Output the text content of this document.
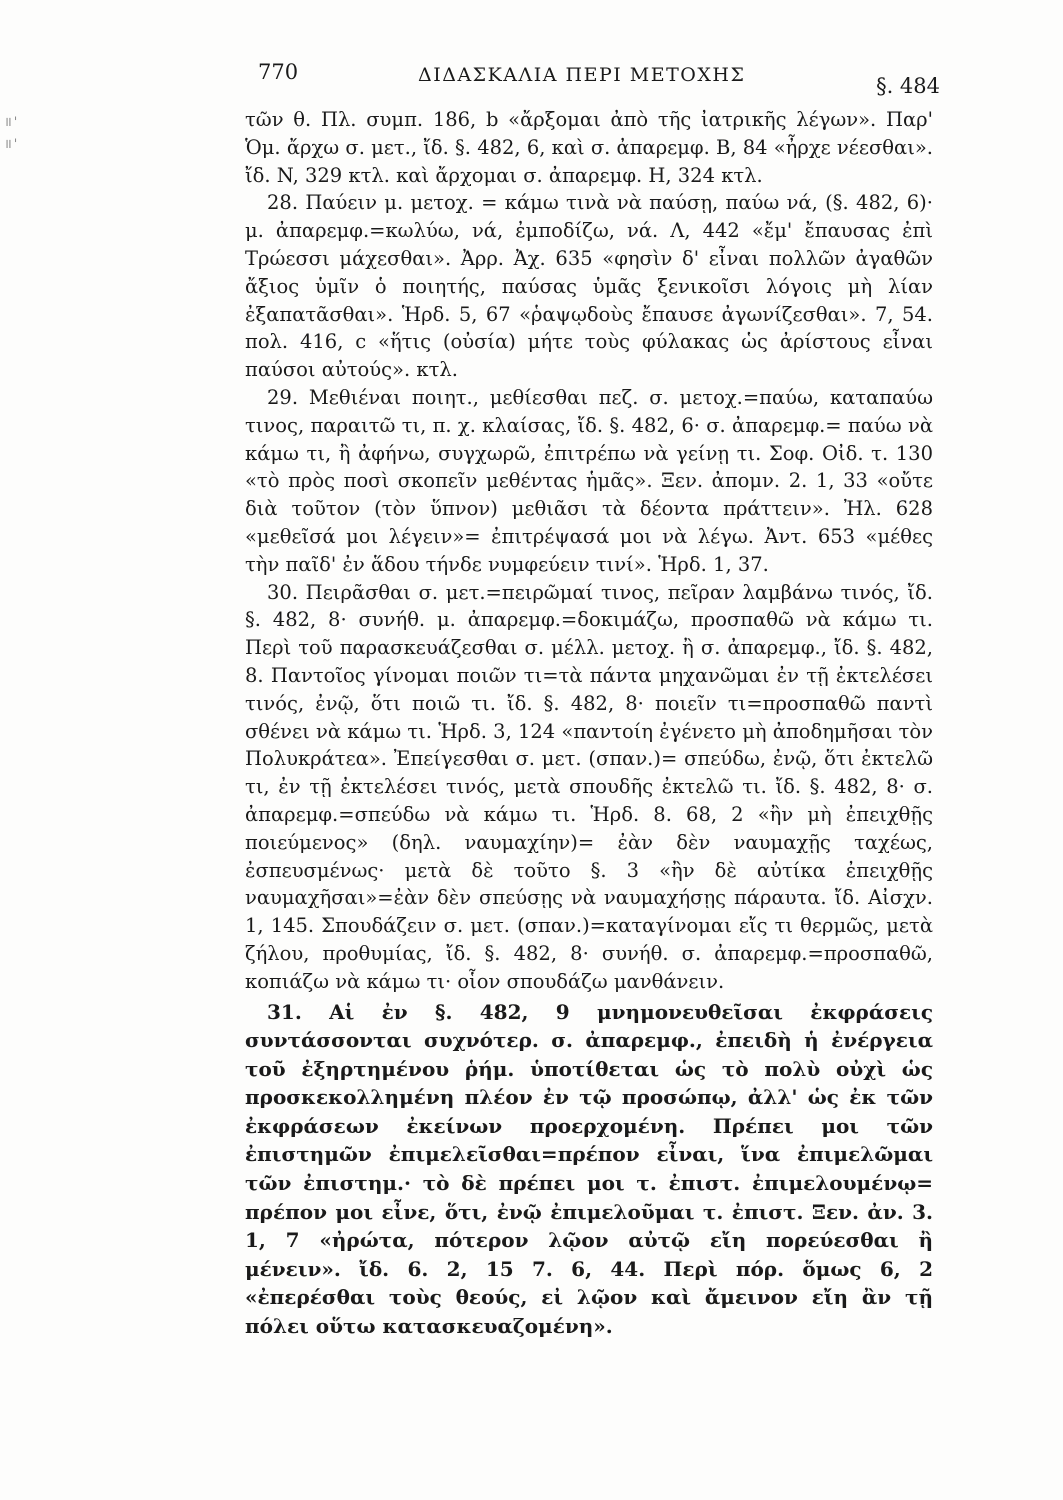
॥'
॥'
770	ΔΙΔΑΣΚΑΛΙΑ ΠΕΡΙ ΜΕΤΟΧΗΣ	§. 484

τῶν θ. Πλ. συμπ. 186, b «ἄρξομαι ἀπὸ τῆς ἰατρικῆς λέγων». Παρ' Ὁμ. ἄρχω σ. μετ., ἴδ. §. 482, 6, καὶ σ. ἀπαρεμφ. B, 84 «ἦρχε νέεσθαι». ἴδ. N, 329 κτλ. καὶ ἄρχομαι σ. ἀπαρεμφ. H, 324 κτλ.

28. Παύειν μ. μετοχ. = κάμω τινὰ νὰ παύσῃ, παύω νά, (§. 482, 6)· μ. ἀπαρεμφ.=κωλύω, νά, ἐμποδίζω, νά. Λ, 442 «ἔμ' ἔπαυσας ἐπὶ Τρώεσσι μάχεσθαι». Ἀρρ. Ἀχ. 635 «φησὶν δ' εἶναι πολλῶν ἀγαθῶν ἄξιος ὑμῖν ὁ ποιητής, παύσας ὑμᾶς ξενικοῖσι λόγοις μὴ λίαν ἐξαπατᾶσθαι». Ἡρδ. 5, 67 «ῥαψῳδοὺς ἔπαυσε ἀγωνίζεσθαι». 7, 54. πολ. 416, c «ἥτις (οὐσία) μήτε τοὺς φύλακας ὡς ἀρίστους εἶναι παύσοι αὐτούς». κτλ.

29. Μεθιέναι ποιητ., μεθίεσθαι πεζ. σ. μετοχ.=παύω, καταπαύω τινος, παραιτῶ τι, π. χ. κλαίσας, ἴδ. §. 482, 6· σ. ἀπαρεμφ.= παύω νὰ κάμω τι, ἢ ἀφήνω, συγχωρῶ, ἐπιτρέπω νὰ γείνῃ τι. Σοφ. Οἰδ. τ. 130 «τὸ πρὸς ποσὶ σκοπεῖν μεθέντας ἡμᾶς». Ξεν. ἀπομν. 2. 1, 33 «οὔτε διὰ τοῦτον (τὸν ὕπνον) μεθιᾶσι τὰ δέοντα πράττειν». Ἠλ. 628 «μεθεῖσά μοι λέγειν»= ἐπιτρέψασά μοι νὰ λέγω. Ἀντ. 653 «μέθες τὴν παῖδ' ἐν ἅδου τήνδε νυμφεύειν τινί». Ἡρδ. 1, 37.

30. Πειρᾶσθαι σ. μετ.=πειρῶμαί τινος, πεῖραν λαμβάνω τινός, ἴδ. §. 482, 8· συνήθ. μ. ἀπαρεμφ.=δοκιμάζω, προσπαθῶ νὰ κάμω τι. Περὶ τοῦ παρασκευάζεσθαι σ. μέλλ. μετοχ. ἢ σ. ἀπαρεμφ., ἴδ. §. 482, 8. Παντοῖος γίνομαι ποιῶν τι=τὰ πάντα μηχανῶμαι ἐν τῇ ἐκτελέσει τινός, ἐνῷ, ὅτι ποιῶ τι. ἴδ. §. 482, 8· ποιεῖν τι=προσπαθῶ παντὶ σθένει νὰ κάμω τι. Ἡρδ. 3, 124 «παντοίη ἐγένετο μὴ ἀποδημῆσαι τὸν Πολυκράτεα». Ἐπείγεσθαι σ. μετ. (σπαν.)= σπεύδω, ἐνῷ, ὅτι ἐκτελῶ τι, ἐν τῇ ἐκτελέσει τινός, μετὰ σπουδῆς ἐκτελῶ τι. ἴδ. §. 482, 8· σ. ἀπαρεμφ.=σπεύδω νὰ κάμω τι. Ἡρδ. 8. 68, 2 «ἢν μὴ ἐπειχθῇς ποιεύμενος» (δηλ. ναυμαχίην)= ἐὰν δὲν ναυμαχῇς ταχέως, ἐσπευσμένως· μετὰ δὲ τοῦτο §. 3 «ἢν δὲ αὐτίκα ἐπειχθῇς ναυμαχῆσαι»=ἐὰν δὲν σπεύσῃς νὰ ναυμαχήσῃς πάραυτα. ἴδ. Αἰσχν. 1, 145. Σπουδάζειν σ. μετ. (σπαν.)=καταγίνομαι εἴς τι θερμῶς, μετὰ ζήλου, προθυμίας, ἴδ. §. 482, 8· συνήθ. σ. ἀπαρεμφ.=προσπαθῶ, κοπιάζω νὰ κάμω τι· οἷον σπουδάζω μανθάνειν.

31. Αἱ ἐν §. 482, 9 μνημονευθεῖσαι ἐκφράσεις συντάσσονται συχνότερ. σ. ἀπαρεμφ., ἐπειδὴ ἡ ἐνέργεια τοῦ ἐξηρτημένου ῥήμ. ὑποτίθεται ὡς τὸ πολὺ οὐχὶ ὡς προσκεκολλημένη πλέον ἐν τῷ προσώπῳ, ἀλλ' ὡς ἐκ τῶν ἐκφράσεων ἐκείνων προερχομένη. Πρέπει μοι τῶν ἐπιστημῶν ἐπιμελεῖσθαι=πρέπον εἶναι, ἵνα ἐπιμελῶμαι τῶν ἐπιστημ.· τὸ δὲ πρέπει μοι τ. ἐπιστ. ἐπιμελουμένῳ= πρέπον μοι εἶνε, ὅτι, ἐνῷ ἐπιμελοῦμαι τ. ἐπιστ. Ξεν. ἀν. 3. 1, 7 «ἠρώτα, πότερον λῷον αὐτῷ εἴη πορεύεσθαι ἢ μένειν». ἴδ. 6. 2, 15 7. 6, 44. Περὶ πόρ. ὅμως 6, 2 «ἐπερέσθαι τοὺς θεούς, εἰ λῷον καὶ ἄμεινον εἴη ἂν τῇ πόλει οὕτω κατασκευαζομένη».
